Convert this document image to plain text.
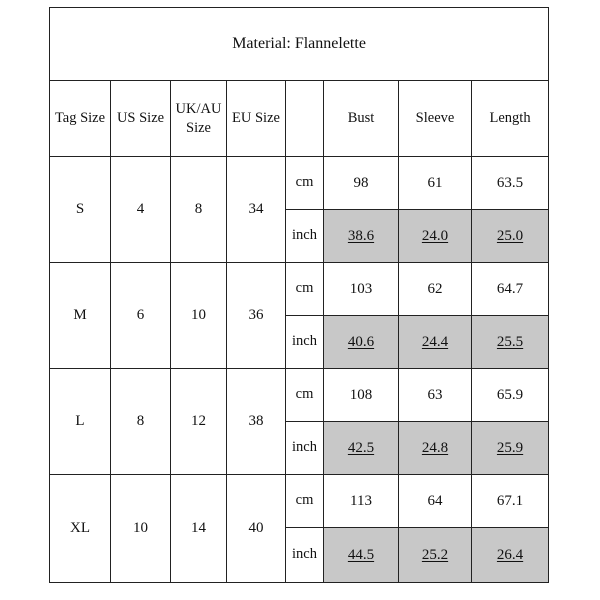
Material: Flannelette							
Tag Size	US Size	UK/AU
Size	EU Size		Bust	Sleeve	Length
S	4	8	34	cm	98	61	63.5
				inch	38.6	24.0	25.0
M	6	10	36	cm	103	62	64.7
				inch	40.6	24.4	25.5
L	8	12	38	cm	108	63	65.9
				inch	42.5	24.8	25.9
XL	10	14	40	cm	113	64	67.1
				inch	44.5	25.2	26.4
